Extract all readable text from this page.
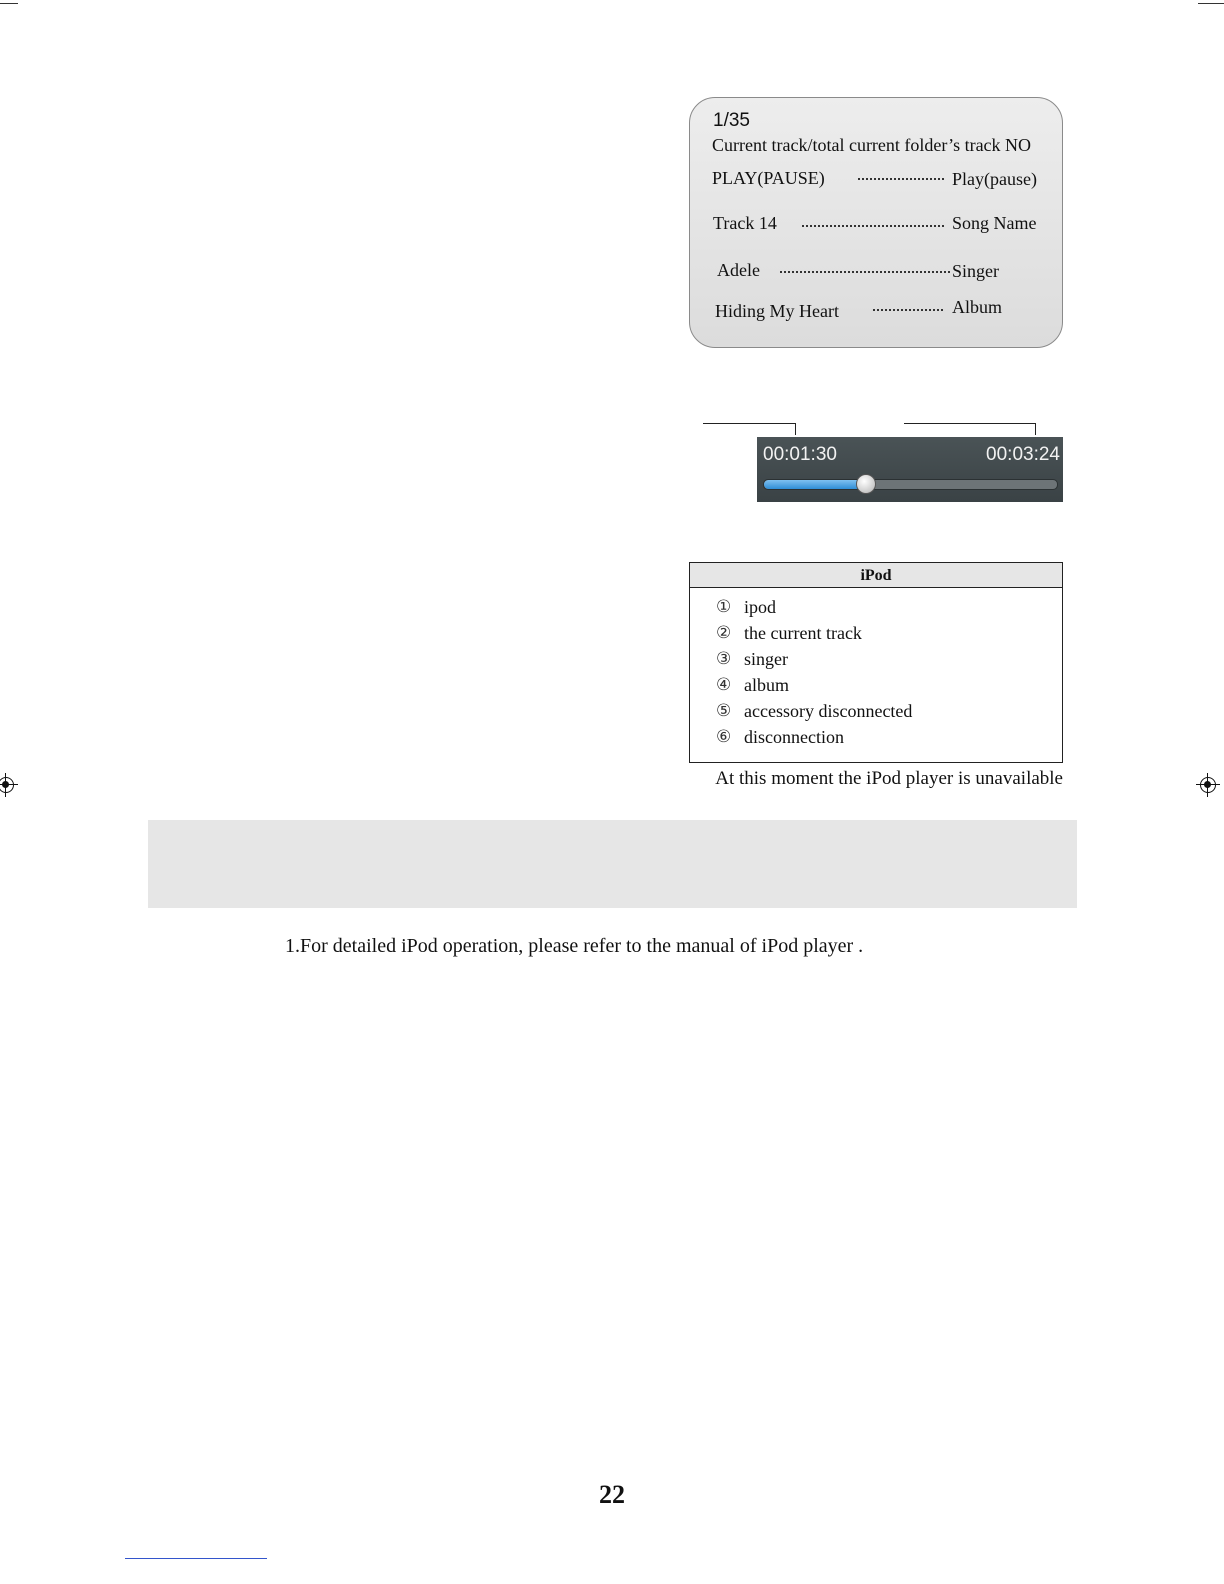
1/35
Current track/total current folder’s track NO
PLAY(PAUSE)	Play(pause)
Track 14	Song Name
Adele	Singer
Hiding My Heart	Album
00:01:30	00:03:24
iPod
① ipod
② the current track
③ singer
④ album
⑤ accessory disconnected
⑥ disconnection
At this moment the iPod player is unavailable
1.For detailed iPod operation, please refer to the manual of iPod player .
22
